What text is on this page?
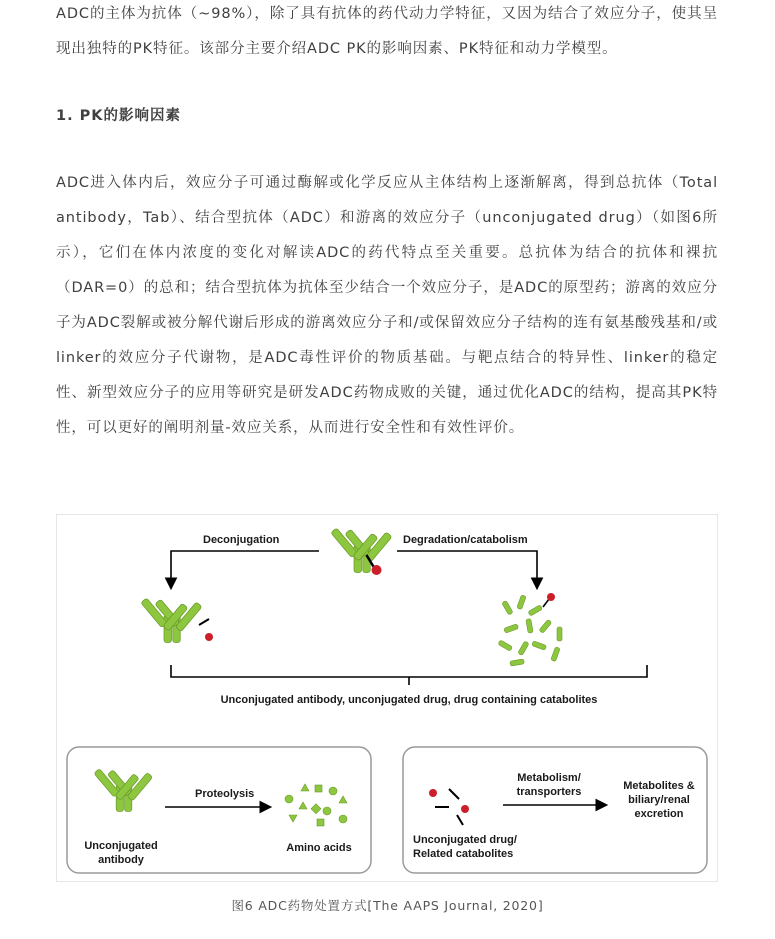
ADC的主体为抗体（~98%），除了具有抗体的药代动力学特征，又因为结合了效应分子，使其呈现出独特的PK特征。该部分主要介绍ADC PK的影响因素、PK特征和动力学模型。

1. PK的影响因素

ADC进入体内后，效应分子可通过酶解或化学反应从主体结构上逐渐解离，得到总抗体（Total antibody，Tab）、结合型抗体（ADC）和游离的效应分子（unconjugated drug）（如图6所示），它们在体内浓度的变化对解读ADC的药代特点至关重要。总抗体为结合的抗体和裸抗（DAR=0）的总和；结合型抗体为抗体至少结合一个效应分子，是ADC的原型药；游离的效应分子为ADC裂解或被分解代谢后形成的游离效应分子和/或保留效应分子结构的连有氨基酸残基和/或linker的效应分子代谢物，是ADC毒性评价的物质基础。与靶点结合的特异性、linker的稳定性、新型效应分子的应用等研究是研发ADC药物成败的关键，通过优化ADC的结构，提高其PK特性，可以更好的阐明剂量-效应关系，从而进行安全性和有效性评价。

Deconjugation	Degradation/catabolism
Unconjugated antibody, unconjugated drug, drug containing catabolites
Unconjugated
antibody
Proteolysis
Amino acids
Unconjugated drug/
Related catabolites
Metabolism/
transporters	Metabolites &
biliary/renal
excretion
图6 ADC药物处置方式[The AAPS Journal, 2020]
